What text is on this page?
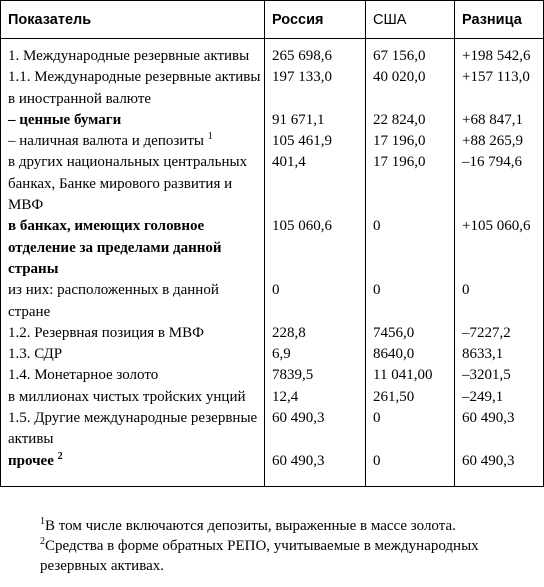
Показатель	Россия	США	Разница

1. Международные резервные активы	265 698,6	67 156,0	+198 542,6
1.1. Международные резервные активы в иностранной валюте	197 133,0	40 020,0	+157 113,0
– ценные бумаги	91 671,1	22 824,0	+68 847,1
– наличная валюта и депозиты $^1$	105 461,9	17 196,0	+88 265,9
в других национальных центральных банках, Банке мирового развития и МВФ	401,4	17 196,0	–16 794,6
в банках, имеющих головное отделение за пределами данной страны	105 060,6	0	+105 060,6
из них: расположенных в данной стране	0	0	0
1.2. Резервная позиция в МВФ	228,8	7456,0	–7227,2
1.3. СДР	6,9	8640,0	8633,1
1.4. Монетарное золото	7839,5	11 041,00	–3201,5
в миллионах чистых тройских унций	12,4	261,50	–249,1
1.5. Другие международные резервные активы	60 490,3	0	60 490,3
прочее $^2$	60 490,3	0	60 490,3
$^1$В том числе включаются депозиты, выраженные в массе золота.
$^2$Средства в форме обратных РЕПО, учитываемые в международных резервных активах.
